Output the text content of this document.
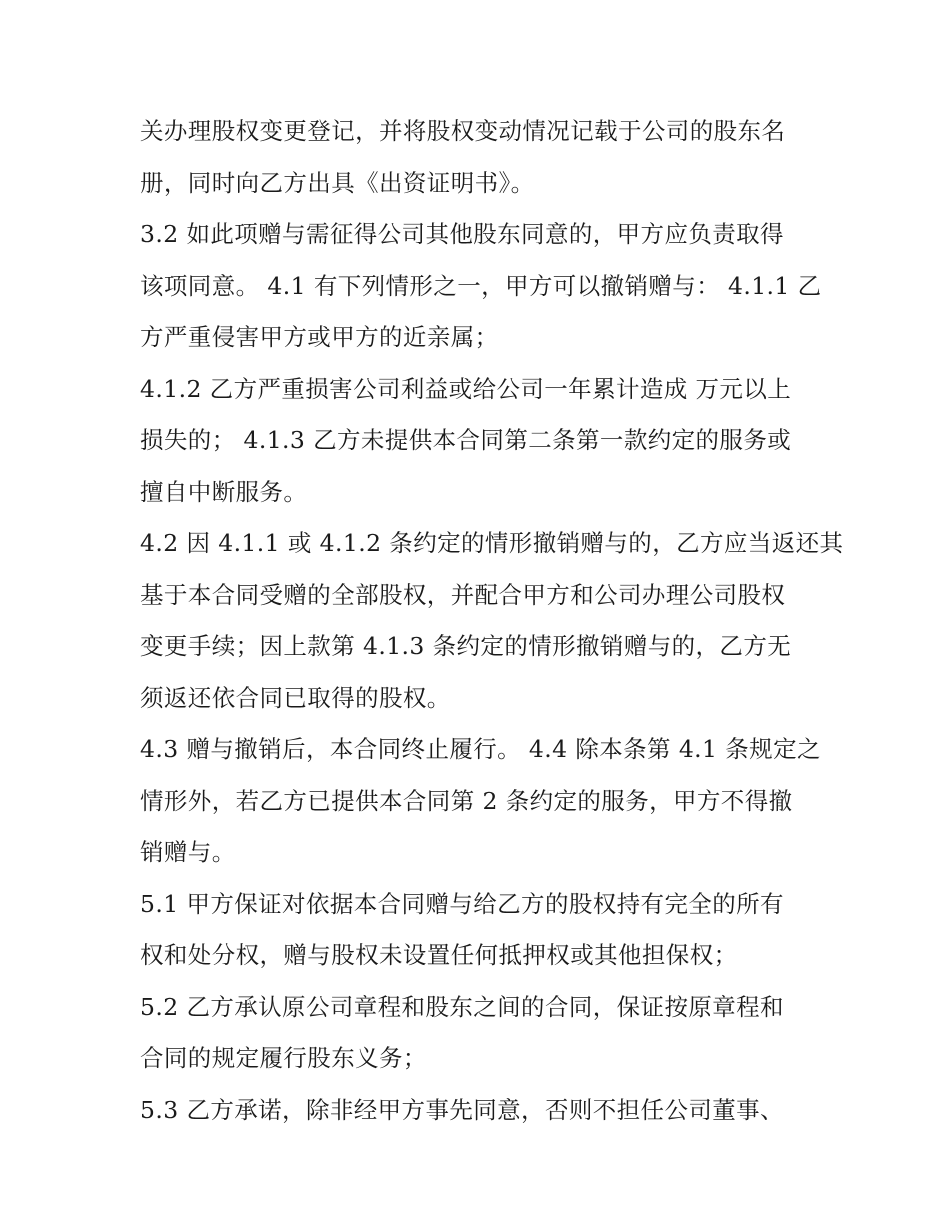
关办理股权变更登记，并将股权变动情况记载于公司的股东名
册，同时向乙方出具《出资证明书》。

3.2 如此项赠与需征得公司其他股东同意的，甲方应负责取得
该项同意。 4.1 有下列情形之一，甲方可以撤销赠与： 4.1.1 乙
方严重侵害甲方或甲方的近亲属；

4.1.2 乙方严重损害公司利益或给公司一年累计造成 万元以上
损失的； 4.1.3 乙方未提供本合同第二条第一款约定的服务或
擅自中断服务。

4.2 因 4.1.1 或 4.1.2 条约定的情形撤销赠与的，乙方应当返还其
基于本合同受赠的全部股权，并配合甲方和公司办理公司股权
变更手续；因上款第 4.1.3 条约定的情形撤销赠与的，乙方无
须返还依合同已取得的股权。

4.3 赠与撤销后，本合同终止履行。 4.4 除本条第 4.1 条规定之
情形外，若乙方已提供本合同第 2 条约定的服务，甲方不得撤
销赠与。

5.1 甲方保证对依据本合同赠与给乙方的股权持有完全的所有
权和处分权，赠与股权未设置任何抵押权或其他担保权；

5.2 乙方承认原公司章程和股东之间的合同，保证按原章程和
合同的规定履行股东义务；

5.3 乙方承诺，除非经甲方事先同意，否则不担任公司董事、
